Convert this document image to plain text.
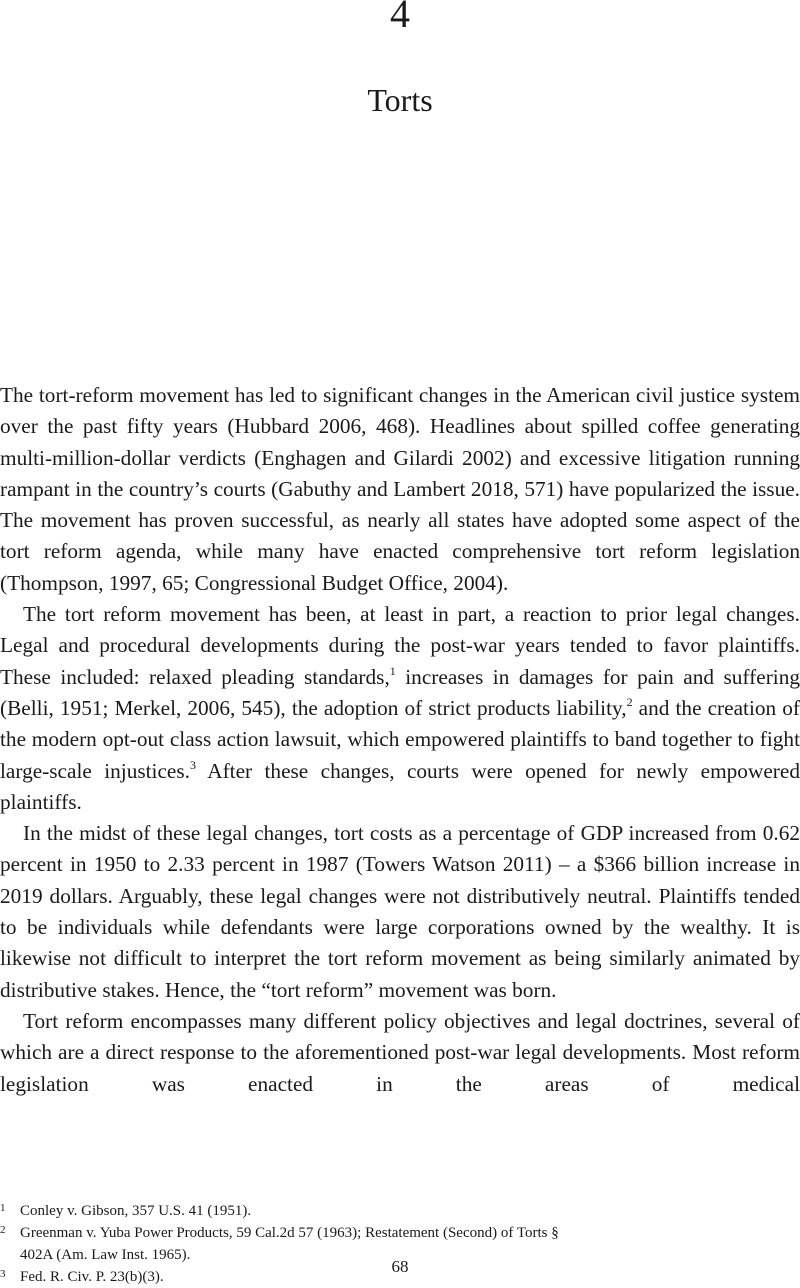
4
Torts

The tort-reform movement has led to significant changes in the American civil justice system over the past fifty years (Hubbard 2006, 468). Headlines about spilled coffee generating multi-million-dollar verdicts (Enghagen and Gilardi 2002) and excessive litigation running rampant in the country’s courts (Gabuthy and Lambert 2018, 571) have popularized the issue. The movement has proven successful, as nearly all states have adopted some aspect of the tort reform agenda, while many have enacted comprehensive tort reform legislation (Thompson, 1997, 65; Congressional Budget Office, 2004).

The tort reform movement has been, at least in part, a reaction to prior legal changes. Legal and procedural developments during the post-war years tended to favor plaintiffs. These included: relaxed pleading standards,$^1$ increases in damages for pain and suffering (Belli, 1951; Merkel, 2006, 545), the adoption of strict products liability,$^2$ and the creation of the modern opt-out class action lawsuit, which empowered plaintiffs to band together to fight large-scale injustices.$^3$ After these changes, courts were opened for newly empowered plaintiffs.

In the midst of these legal changes, tort costs as a percentage of GDP increased from 0.62 percent in 1950 to 2.33 percent in 1987 (Towers Watson 2011) – a $366 billion increase in 2019 dollars. Arguably, these legal changes were not distributively neutral. Plaintiffs tended to be individuals while defendants were large corporations owned by the wealthy. It is likewise not difficult to interpret the tort reform movement as being similarly animated by distributive stakes. Hence, the “tort reform” movement was born.

Tort reform encompasses many different policy objectives and legal doctrines, several of which are a direct response to the aforementioned post-war legal developments. Most reform legislation was enacted in the areas of medical

1 Conley v. Gibson, 357 U.S. 41 (1951).
2 Greenman v. Yuba Power Products, 59 Cal.2d 57 (1963); Restatement (Second) of Torts §
402A (Am. Law Inst. 1965).
3 Fed. R. Civ. P. 23(b)(3).
68
